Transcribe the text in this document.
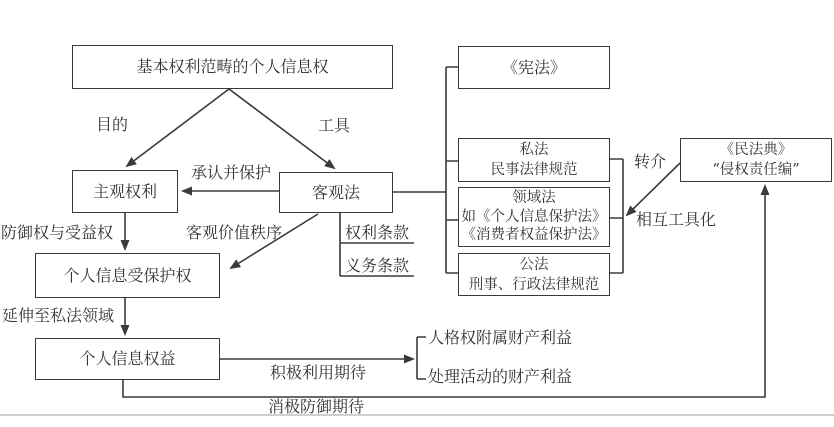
基本权利范畴的个人信息权
主观权利	客观法
个人信息受保护权
个人信息权益
《宪法》
私法
民事法律规范
领域法
如《个人信息保护法》
《消费者权益保护法》
公法
刑事、行政法律规范
《民法典》
“侵权责任编”
目的	工具
承认并保护
防御权与受益权	客观价值秩序	权利条款
义务条款
延伸至私法领域
积极利用期待
消极防御期待
转介
相互工具化
人格权附属财产利益
处理活动的财产利益
